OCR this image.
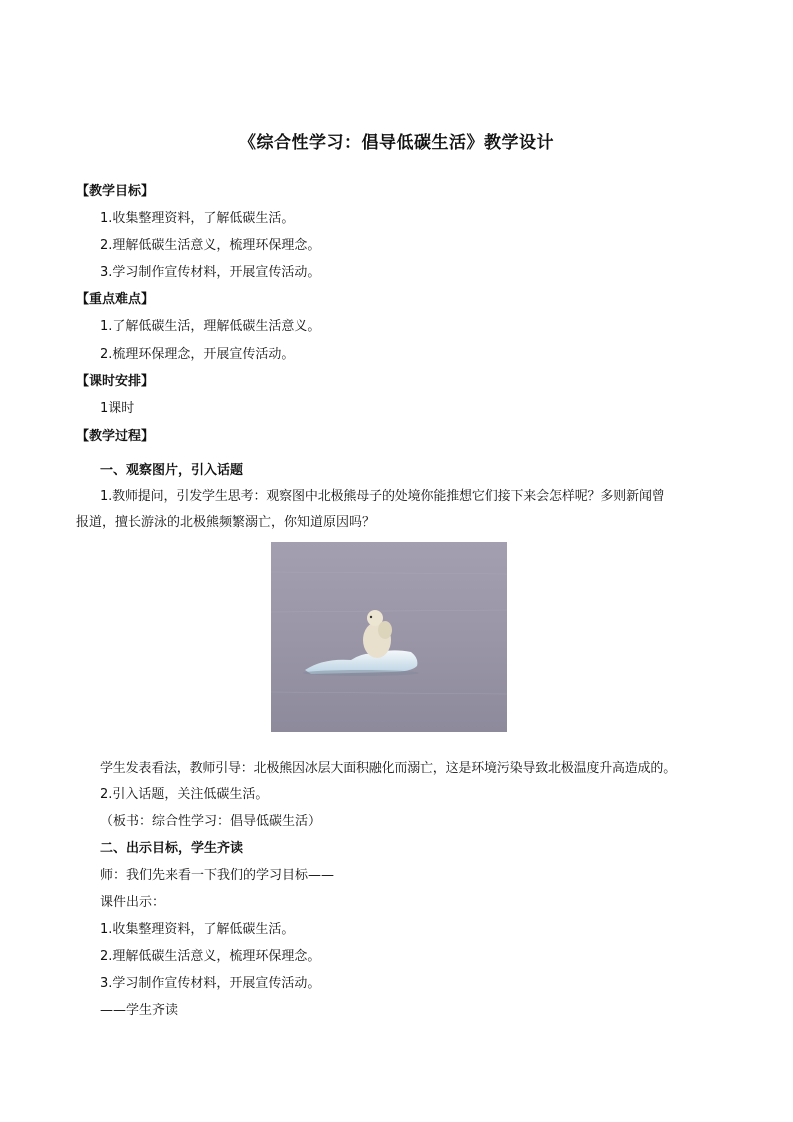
《综合性学习：倡导低碳生活》教学设计
【教学目标】
1.收集整理资料，了解低碳生活。
2.理解低碳生活意义，梳理环保理念。
3.学习制作宣传材料，开展宣传活动。
【重点难点】
1.了解低碳生活，理解低碳生活意义。
2.梳理环保理念，开展宣传活动。
【课时安排】
1课时
【教学过程】
一、观察图片，引入话题
1.教师提问，引发学生思考：观察图中北极熊母子的处境你能推想它们接下来会怎样呢？多则新闻曾
报道，擅长游泳的北极熊频繁溺亡，你知道原因吗？
学生发表看法，教师引导：北极熊因冰层大面积融化而溺亡，这是环境污染导致北极温度升高造成的。
2.引入话题，关注低碳生活。
（板书：综合性学习：倡导低碳生活）
二、出示目标，学生齐读
师：我们先来看一下我们的学习目标——
课件出示：
1.收集整理资料，了解低碳生活。
2.理解低碳生活意义，梳理环保理念。
3.学习制作宣传材料，开展宣传活动。
——学生齐读
